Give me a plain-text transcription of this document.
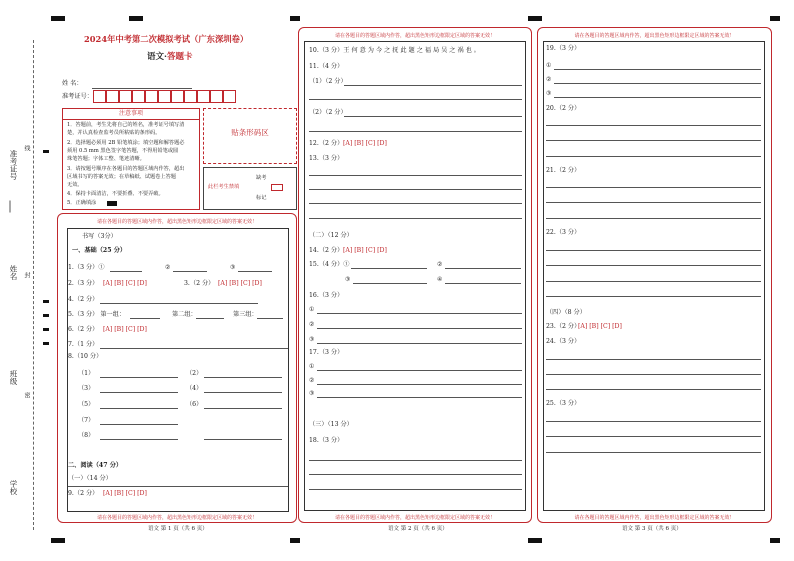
准考证号
线
姓名 封
班级
密
学校
2024年中考第二次模拟考试（广东深圳卷）
语文·答题卡
姓 名：
准考证号：
注意事项
1．答题前，考生先将自己的姓名，准考证号填写清
楚，并认真检查监考员所粘贴的条形码。
2．选择题必须用 2B 铅笔填涂；填空题和解答题必
须用 0.5 mm 黑色签字笔答题，不得用铅笔或圆
珠笔答题；字体工整、笔迹清晰。
3．请按题号顺序在各题目的答题区域内作答，超出
区域书写的答案无效；在草稿纸、试题卷上答题
无效。
4．保持卡面清洁，不要折叠、不要弄破。
5．正确填涂
贴条形码区
缺考
此栏考生禁填
标记
请在各题目的答题区域内作答，超出黑色矩形边框限定区域的答案无效！
书写（3分）
一、基础（25 分）
1.（3 分）①	②	③
2.（3 分） [A] [B] [C] [D]	3.（2 分） [A] [B] [C] [D]
4.（2 分）
5.（3 分） 第一组：	第二组：	第三组：
6.（2 分） [A] [B] [C] [D]
7.（1 分）
8.（10 分）
（1）	（2）
（3）	（4）
（5）	（6）
（7）
（8）
二、阅读（47 分）
（一）（14 分）
9.（2 分） [A] [B] [C] [D]
请在各题目的答题区域内作答，超出黑色矩形边框限定区域的答案无效！
语文 第 1 页（共 6 页）
请在各题目的答题区域内作答，超出黑色矩形边框限定区域的答案无效！
10.（3 分）王 何 意 为 今 之 抚 此 题 之 福 局 吴 之 祸 也 。
11.（4 分）
（1）（2 分）
（2）（2 分）
12.（2 分） [A] [B] [C] [D]
13.（3 分）
（二）（12 分）
14.（2 分） [A] [B] [C] [D]
15.（4 分）①	②
③	④
16.（3 分）
①
②
③
17.（3 分）
①
②
③
（三）（13 分）
18.（3 分）
请在各题目的答题区域内作答，超出黑色矩形边框限定区域的答案无效！
语文 第 2 页（共 6 页）
请在各题目的答题区域内作答，超出黑色矩形边框限定区域的答案无效！
19.（3 分）
①
②
③
20.（2 分）
21.（2 分）
22.（3 分）
（四）（8 分）
23.（2 分）
[A] [B] [C] [D]
24.（3 分）
25.（3 分）
请在各题目的答题区域内作答，超出黑色矩形边框限定区域的答案无效！
语文 第 3 页（共 6 页）
